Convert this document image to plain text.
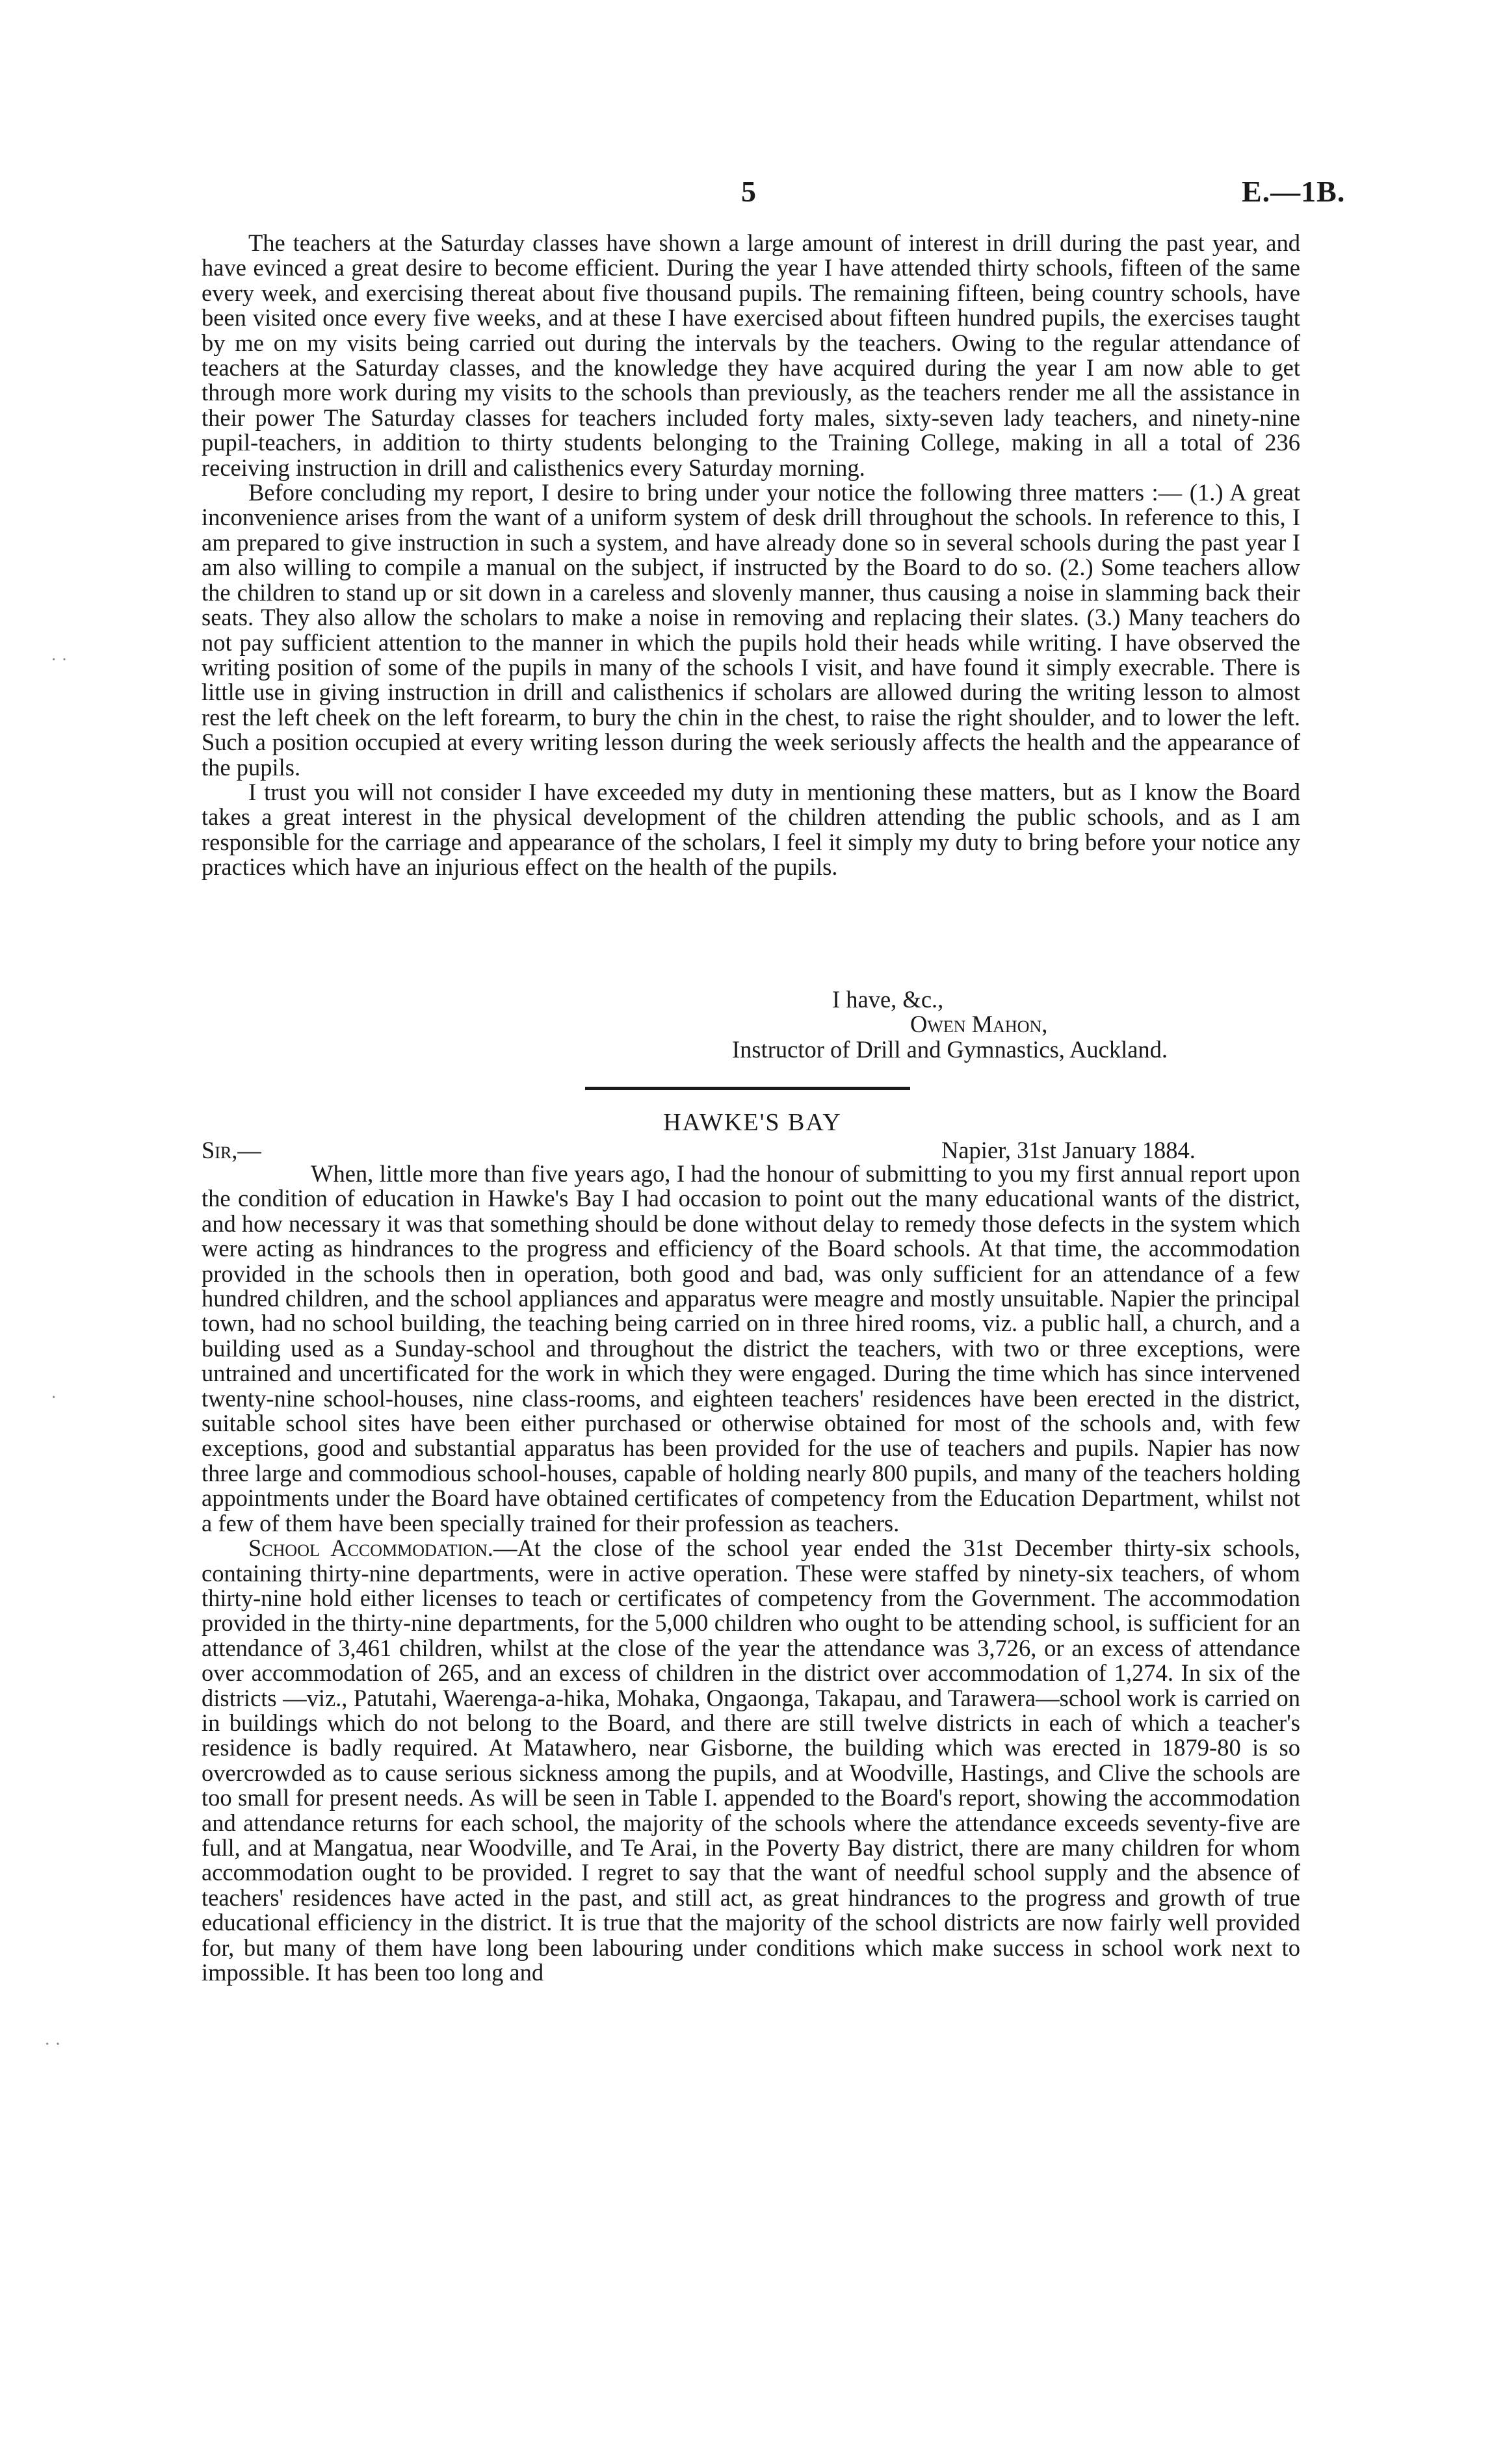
5	E.—1B.
· ·
·
· ·

The teachers at the Saturday classes have shown a large amount of interest in drill during the past year, and have evinced a great desire to become efficient. During the year I have attended thirty schools, fifteen of the same every week, and exercising thereat about five thousand pupils. The remaining fifteen, being country schools, have been visited once every five weeks, and at these I have exercised about fifteen hundred pupils, the exercises taught by me on my visits being carried out during the intervals by the teachers. Owing to the regular attendance of teachers at the Saturday classes, and the knowledge they have acquired during the year I am now able to get through more work during my visits to the schools than previously, as the teachers render me all the assistance in their power The Saturday classes for teachers included forty males, sixty-seven lady teachers, and ninety-nine pupil-teachers, in addition to thirty students belonging to the Training College, making in all a total of 236 receiving instruction in drill and calisthenics every Saturday morning.

Before concluding my report, I desire to bring under your notice the following three matters :— (1.) A great inconvenience arises from the want of a uniform system of desk drill throughout the schools. In reference to this, I am prepared to give instruction in such a system, and have already done so in several schools during the past year I am also willing to compile a manual on the subject, if instructed by the Board to do so. (2.) Some teachers allow the children to stand up or sit down in a careless and slovenly manner, thus causing a noise in slamming back their seats. They also allow the scholars to make a noise in removing and replacing their slates. (3.) Many teachers do not pay sufficient attention to the manner in which the pupils hold their heads while writing. I have observed the writing position of some of the pupils in many of the schools I visit, and have found it simply execrable. There is little use in giving instruction in drill and calisthenics if scholars are allowed during the writing lesson to almost rest the left cheek on the left forearm, to bury the chin in the chest, to raise the right shoulder, and to lower the left. Such a position occupied at every writing lesson during the week seriously affects the health and the appearance of the pupils.

I trust you will not consider I have exceeded my duty in mentioning these matters, but as I know the Board takes a great interest in the physical development of the children attending the public schools, and as I am responsible for the carriage and appearance of the scholars, I feel it simply my duty to bring before your notice any practices which have an injurious effect on the health of the pupils.

I have, &c.,
Owen Mahon,
Instructor of Drill and Gymnastics, Auckland.
HAWKE'S BAY
Sir,—	Napier, 31st January 1884.

When, little more than five years ago, I had the honour of submitting to you my first annual report upon the condition of education in Hawke's Bay I had occasion to point out the many educational wants of the district, and how necessary it was that something should be done without delay to remedy those defects in the system which were acting as hindrances to the progress and efficiency of the Board schools. At that time, the accommodation provided in the schools then in operation, both good and bad, was only sufficient for an attendance of a few hundred children, and the school appliances and apparatus were meagre and mostly unsuitable. Napier the principal town, had no school building, the teaching being carried on in three hired rooms, viz. a public hall, a church, and a building used as a Sunday-school and throughout the district the teachers, with two or three exceptions, were untrained and uncertificated for the work in which they were engaged. During the time which has since intervened twenty-nine school-houses, nine class-rooms, and eighteen teachers' residences have been erected in the district, suitable school sites have been either purchased or otherwise obtained for most of the schools and, with few exceptions, good and substantial apparatus has been provided for the use of teachers and pupils. Napier has now three large and commodious school-houses, capable of holding nearly 800 pupils, and many of the teachers holding appointments under the Board have obtained certificates of competency from the Education Department, whilst not a few of them have been specially trained for their profession as teachers.

School Accommodation.—At the close of the school year ended the 31st December thirty-six schools, containing thirty-nine departments, were in active operation. These were staffed by ninety-six teachers, of whom thirty-nine hold either licenses to teach or certificates of competency from the Government. The accommodation provided in the thirty-nine departments, for the 5,000 children who ought to be attending school, is sufficient for an attendance of 3,461 children, whilst at the close of the year the attendance was 3,726, or an excess of attendance over accommodation of 265, and an excess of children in the district over accommodation of 1,274. In six of the districts —viz., Patutahi, Waerenga-a-hika, Mohaka, Ongaonga, Takapau, and Tarawera—school work is carried on in buildings which do not belong to the Board, and there are still twelve districts in each of which a teacher's residence is badly required. At Matawhero, near Gisborne, the building which was erected in 1879-80 is so overcrowded as to cause serious sickness among the pupils, and at Woodville, Hastings, and Clive the schools are too small for present needs. As will be seen in Table I. appended to the Board's report, showing the accommodation and attendance returns for each school, the majority of the schools where the attendance exceeds seventy-five are full, and at Mangatua, near Woodville, and Te Arai, in the Poverty Bay district, there are many children for whom accommodation ought to be provided. I regret to say that the want of needful school supply and the absence of teachers' residences have acted in the past, and still act, as great hindrances to the progress and growth of true educational efficiency in the district. It is true that the majority of the school districts are now fairly well provided for, but many of them have long been labouring under conditions which make success in school work next to impossible. It has been too long and
